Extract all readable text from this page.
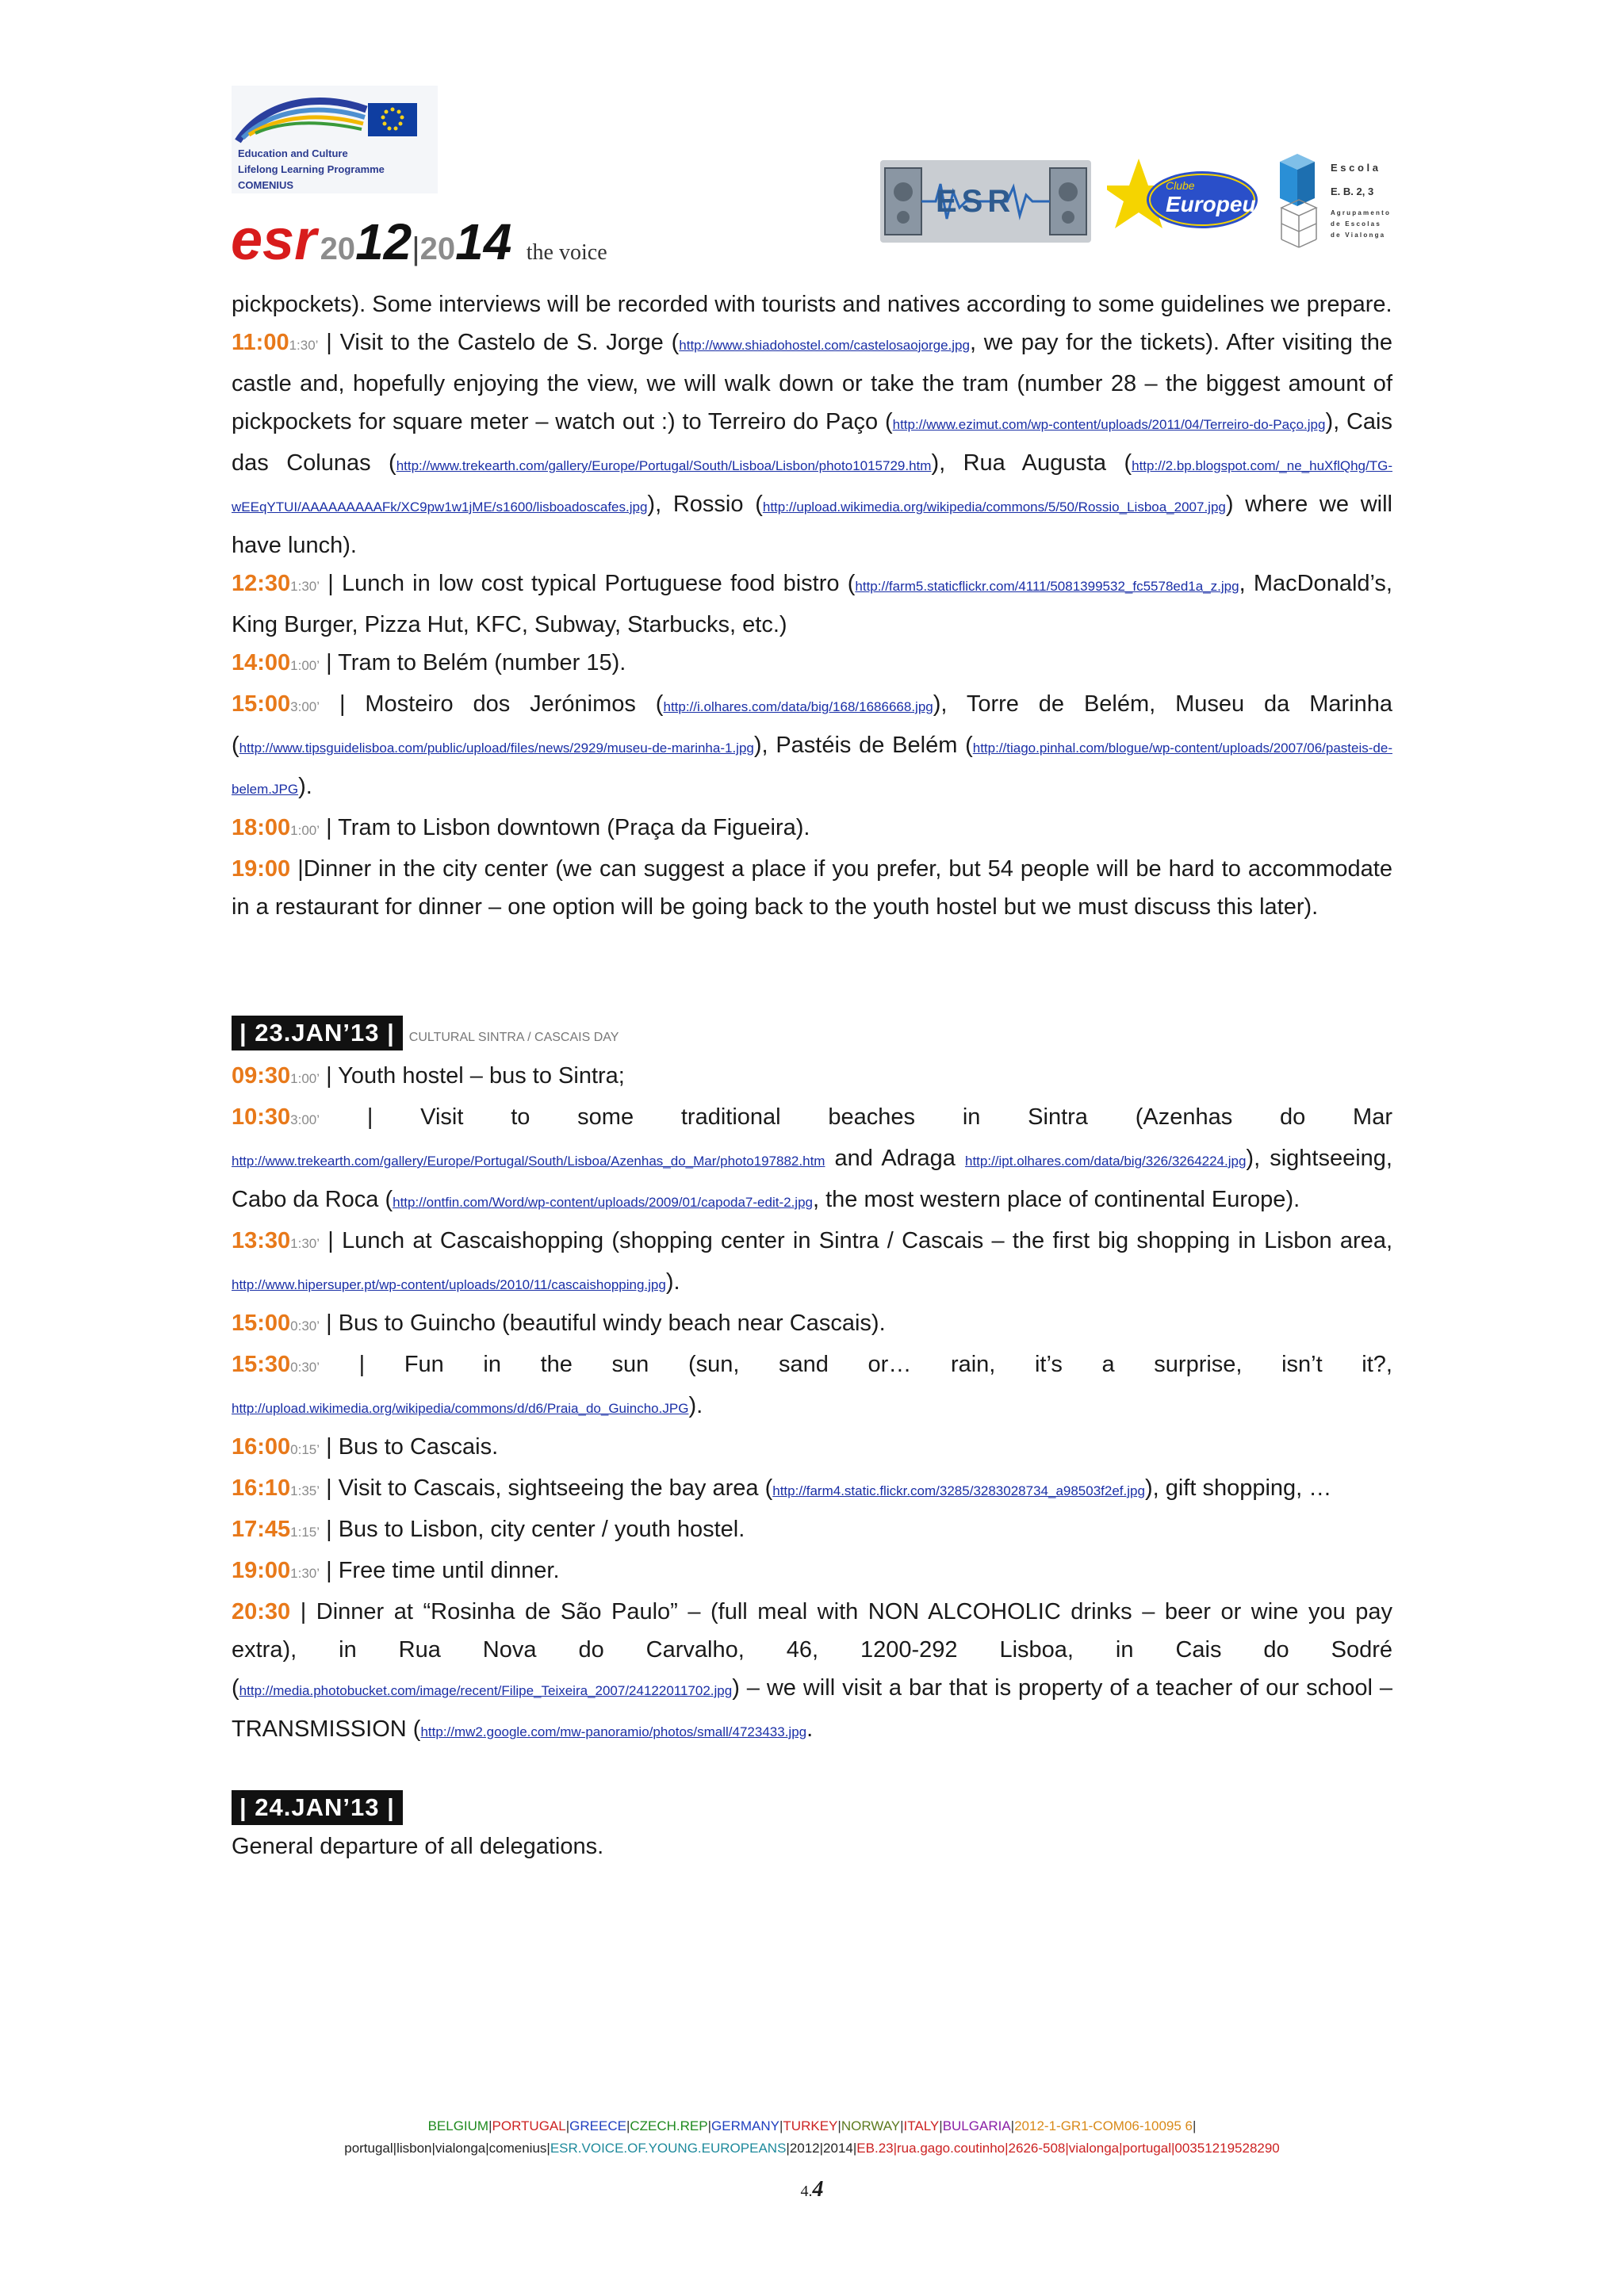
Education and Culture
Lifelong Learning Programme
COMENIUS
esr 2012|2014 the voice
ESR	Clube
Europeu
E s c o l a
E. B. 2, 3
A g r u p a m e n t o
d e   E s c o l a s
d e   V i a l o n g a
pickpockets). Some interviews will be recorded with tourists and natives according to some guidelines we prepare.
11:001:30’ | Visit to the Castelo de S. Jorge (http://www.shiadohostel.com/castelosaojorge.jpg, we pay for the tickets). After visiting the castle and, hopefully enjoying the view, we will walk down or take the tram (number 28 – the biggest amount of pickpockets for square meter – watch out :) to Terreiro do Paço (http://www.ezimut.com/wp-content/uploads/2011/04/Terreiro-do-Paço.jpg), Cais das Colunas (http://www.trekearth.com/gallery/Europe/Portugal/South/Lisboa/Lisbon/photo1015729.htm), Rua Augusta (http://2.bp.blogspot.com/_ne_huXflQhg/TG-wEEqYTUI/AAAAAAAAAFk/XC9pw1w1jME/s1600/lisboadoscafes.jpg), Rossio (http://upload.wikimedia.org/wikipedia/commons/5/50/Rossio_Lisboa_2007.jpg) where we will have lunch).
12:301:30’ | Lunch in low cost typical Portuguese food bistro (http://farm5.staticflickr.com/4111/5081399532_fc5578ed1a_z.jpg, MacDonald’s, King Burger, Pizza Hut, KFC, Subway, Starbucks, etc.)
14:001:00’ | Tram to Belém (number 15).
15:003:00’ | Mosteiro dos Jerónimos (http://i.olhares.com/data/big/168/1686668.jpg), Torre de Belém, Museu da Marinha (http://www.tipsguidelisboa.com/public/upload/files/news/2929/museu-de-marinha-1.jpg), Pastéis de Belém (http://tiago.pinhal.com/blogue/wp-content/uploads/2007/06/pasteis-de-belem.JPG).
18:001:00’ | Tram to Lisbon downtown (Praça da Figueira).
19:00 |Dinner in the city center (we can suggest a place if you prefer, but 54 people will be hard to accommodate in a restaurant for dinner – one option will be going back to the youth hostel but we must discuss this later).
| 23.JAN’13 | CULTURAL SINTRA / CASCAIS DAY
09:301:00’ | Youth hostel – bus to Sintra;
10:303:00’ | Visit to some traditional beaches in Sintra (Azenhas do Mar http://www.trekearth.com/gallery/Europe/Portugal/South/Lisboa/Azenhas_do_Mar/photo197882.htm and Adraga http://ipt.olhares.com/data/big/326/3264224.jpg), sightseeing, Cabo da Roca (http://ontfin.com/Word/wp-content/uploads/2009/01/capoda7-edit-2.jpg, the most western place of continental Europe).
13:301:30’ | Lunch at Cascaishopping (shopping center in Sintra / Cascais – the first big shopping in Lisbon area, http://www.hipersuper.pt/wp-content/uploads/2010/11/cascaishopping.jpg).
15:000:30’ | Bus to Guincho (beautiful windy beach near Cascais).
15:300:30’ | Fun in the sun (sun, sand or… rain, it’s a surprise, isn’t it?, http://upload.wikimedia.org/wikipedia/commons/d/d6/Praia_do_Guincho.JPG).
16:000:15’ | Bus to Cascais.
16:101:35’ | Visit to Cascais, sightseeing the bay area (http://farm4.static.flickr.com/3285/3283028734_a98503f2ef.jpg), gift shopping, …
17:451:15’ | Bus to Lisbon, city center / youth hostel.
19:001:30’ | Free time until dinner.
20:30 | Dinner at “Rosinha de São Paulo” – (full meal with NON ALCOHOLIC drinks – beer or wine you pay extra), in Rua Nova do Carvalho, 46, 1200-292 Lisboa, in Cais do Sodré (http://media.photobucket.com/image/recent/Filipe_Teixeira_2007/24122011702.jpg) – we will visit a bar that is property of a teacher of our school – TRANSMISSION (http://mw2.google.com/mw-panoramio/photos/small/4723433.jpg.
| 24.JAN’13 |
General departure of all delegations.
BELGIUM|PORTUGAL|GREECE|CZECH.REP|GERMANY|TURKEY|NORWAY|ITALY|BULGARIA|2012-1-GR1-COM06-10095 6|
portugal|lisbon|vialonga|comenius|ESR.VOICE.OF.YOUNG.EUROPEANS|2012|2014|EB.23|rua.gago.coutinho|2626-508|vialonga|portugal|00351219528290
4.4
